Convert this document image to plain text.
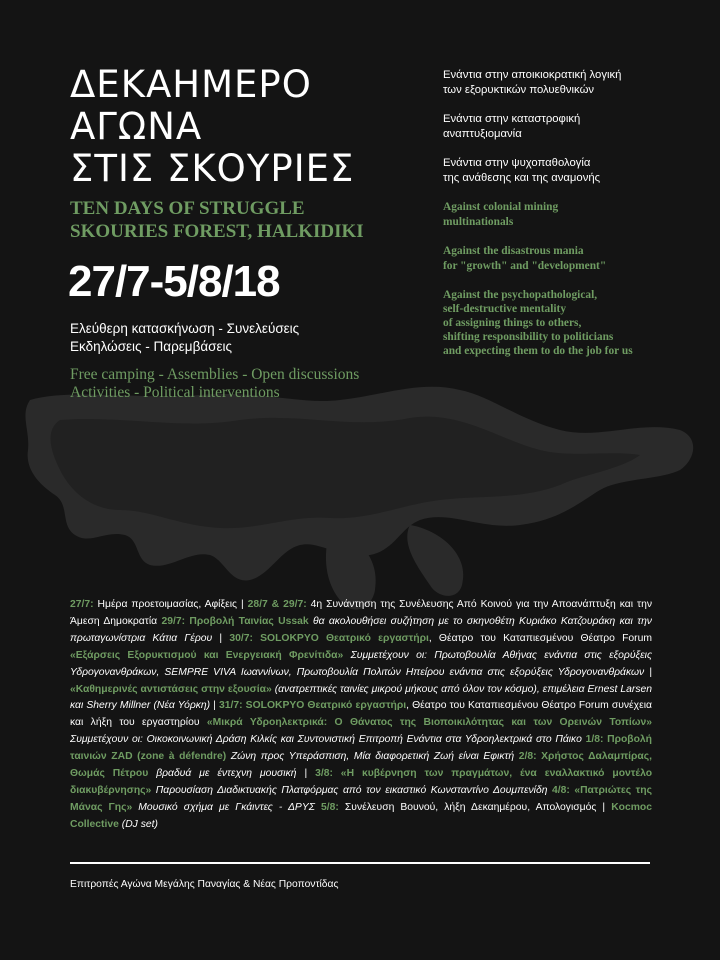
ΔΕΚΑΗΜΕΡΟ
ΑΓΩΝΑ
ΣΤΙΣ ΣΚΟΥΡΙΕΣ
TEN DAYS OF STRUGGLE
SKOURIES FOREST, HALKIDIKI
27/7-5/8/18
Ελεύθερη κατασκήνωση - Συνελεύσεις
Εκδηλώσεις - Παρεμβάσεις
Free camping - Assemblies - Open discussions
Activities - Political interventions
Ενάντια στην αποικιοκρατική λογική
των εξορυκτικών πολυεθνικών
Ενάντια στην καταστροφική
αναπτυξιομανία
Ενάντια στην ψυχοπαθολογία
της ανάθεσης και της αναμονής
Against colonial mining
multinationals
Against the disastrous mania
for "growth" and "development"
Against the psychopathological,
self-destructive mentality
of assigning things to others,
shifting responsibility to politicians
and expecting them to do the job for us
27/7: Ημέρα προετοιμασίας, Αφίξεις | 28/7 & 29/7: 4η Συνάντηση της Συνέλευσης Από Κοινού για την Αποανάπτυξη και την Άμεση Δημοκρατία 29/7: Προβολή Ταινίας Ussak θα ακολουθήσει συζήτηση με το σκηνοθέτη Κυριάκο Κατζουράκη και την πρωταγωνίστρια Κάτια Γέρου | 30/7: SOLOKPYO Θεατρικό εργαστήρι, Θέατρο του Καταπιεσμένου Θέατρο Forum «Εξάρσεις Εξορυκτισμού και Ενεργειακή Φρενίτιδα» Συμμετέχουν οι: Πρωτοβουλία Αθήνας ενάντια στις εξορύξεις Υδρογονανθράκων, SEMPRE VIVA Ιωαννίνων, Πρωτοβουλία Πολιτών Ηπείρου ενάντια στις εξορύξεις Υδρογονανθράκων | «Καθημερινές αντιστάσεις στην εξουσία» (ανατρεπτικές ταινίες μικρού μήκους από όλον τον κόσμο), επιμέλεια Ernest Larsen και Sherry Millner (Νέα Υόρκη) | 31/7: SOLOKPYO Θεατρικό εργαστήρι, Θέατρο του Καταπιεσμένου Θέατρο Forum συνέχεια και λήξη του εργαστηρίου «Μικρά Υδροηλεκτρικά: Ο Θάνατος της Βιοποικιλότητας και των Ορεινών Τοπίων» Συμμετέχουν οι: Οικοκοινωνική Δράση Κιλκίς και Συντονιστική Επιτροπή Ενάντια στα Υδροηλεκτρικά στο Πάικο 1/8: Προβολή ταινιών ZAD (zone à défendre) Ζώνη προς Υπεράσπιση, Μία διαφορετική Ζωή είναι Εφικτή 2/8: Χρήστος Δαλαμπίρας, Θωμάς Πέτρου βραδυά με έντεχνη μουσική | 3/8: «Η κυβέρνηση των πραγμάτων, ένα εναλλακτικό μοντέλο διακυβέρνησης» Παρουσίαση Διαδικτυακής Πλατφόρμας από τον εικαστικό Κωνσταντίνο Δουμπενίδη 4/8: «Πατριώτες της Μάνας Γης» Μουσικό σχήμα με Γκάιντες - ΔΡΥΣ 5/8: Συνέλευση Βουνού, λήξη Δεκαημέρου, Απολογισμός | Kocmoc Collective (DJ set)
Επιτροπές Αγώνα Μεγάλης Παναγίας & Νέας Προποντίδας
